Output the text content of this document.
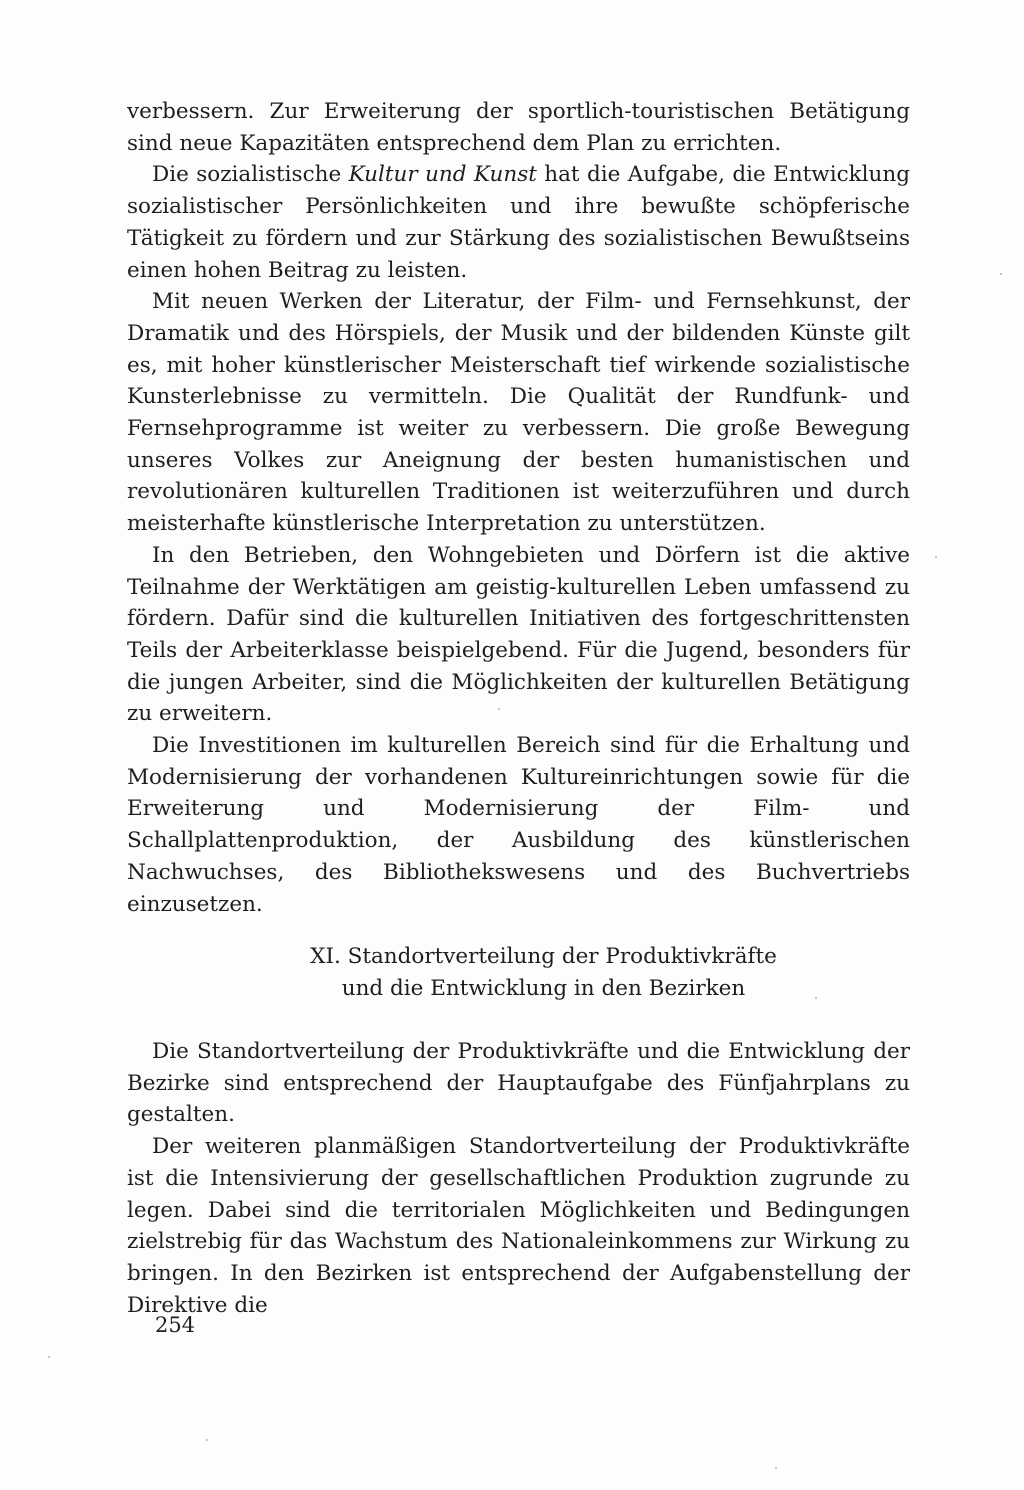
verbessern. Zur Erweiterung der sportlich-touristischen Betätigung sind neue Kapazitäten entsprechend dem Plan zu errichten.

Die sozialistische Kultur und Kunst hat die Aufgabe, die Entwicklung sozialistischer Persönlichkeiten und ihre bewußte schöpferische Tätigkeit zu fördern und zur Stärkung des sozialistischen Bewußtseins einen hohen Beitrag zu leisten.

Mit neuen Werken der Literatur, der Film- und Fernsehkunst, der Dramatik und des Hörspiels, der Musik und der bildenden Künste gilt es, mit hoher künstlerischer Meisterschaft tief wirkende sozialistische Kunsterlebnisse zu vermitteln. Die Qualität der Rundfunk- und Fernsehprogramme ist weiter zu verbessern. Die große Bewegung unseres Volkes zur Aneignung der besten humanistischen und revolutionären kulturellen Traditionen ist weiterzuführen und durch meisterhafte künstlerische Interpretation zu unterstützen.

In den Betrieben, den Wohngebieten und Dörfern ist die aktive Teilnahme der Werktätigen am geistig-kulturellen Leben umfassend zu fördern. Dafür sind die kulturellen Initiativen des fortgeschrittensten Teils der Arbeiterklasse beispielgebend. Für die Jugend, besonders für die jungen Arbeiter, sind die Möglichkeiten der kulturellen Betätigung zu erweitern.

Die Investitionen im kulturellen Bereich sind für die Erhaltung und Modernisierung der vorhandenen Kultureinrichtungen sowie für die Erweiterung und Modernisierung der Film- und Schallplattenproduktion, der Ausbildung des künstlerischen Nachwuchses, des Bibliothekswesens und des Buchvertriebs einzusetzen.

XI. Standortverteilung der Produktivkräfte
und die Entwicklung in den Bezirken

Die Standortverteilung der Produktivkräfte und die Entwicklung der Bezirke sind entsprechend der Hauptaufgabe des Fünfjahrplans zu gestalten.

Der weiteren planmäßigen Standortverteilung der Produktivkräfte ist die Intensivierung der gesellschaftlichen Produktion zugrunde zu legen. Dabei sind die territorialen Möglichkeiten und Bedingungen zielstrebig für das Wachstum des Nationaleinkommens zur Wirkung zu bringen. In den Bezirken ist entsprechend der Aufgabenstellung der Direktive die

254
